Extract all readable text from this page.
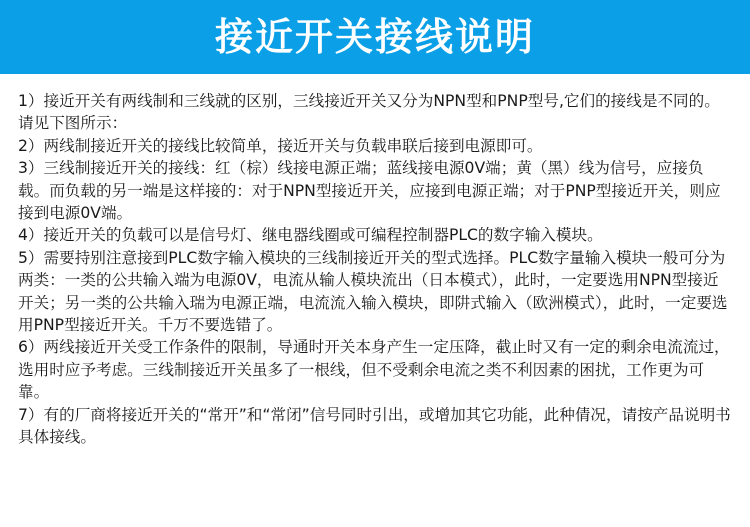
接近开关接线说明

1）接近开关有两线制和三线就的区别，三线接近开关又分为NPN型和PNP型号,它们的接线是不同的。请见下图所示：

2）两线制接近开关的接线比较简单，接近开关与负载串联后接到电源即可。

3）三线制接近开关的接线：红（棕）线接电源正端；蓝线接电源0V端；黄（黑）线为信号，应接负载。而负载的另一端是这样接的：对于NPN型接近开关，应接到电源正端；对于PNP型接近开关，则应接到电源0V端。

4）接近开关的负载可以是信号灯、继电器线圈或可编程控制器PLC的数字输入模块。

5）需要持别注意接到PLC数字输入模块的三线制接近开关的型式选择。PLC数字量输入模块一般可分为两类：一类的公共输入端为电源0V，电流从输人模块流出（日本模式），此时，一定要选用NPN型接近开关；另一类的公共输入瑞为电源正端，电流流入输入模块，即阱式输入（欧洲模式），此时，一定要选用PNP型接近开关。千万不要选错了。

6）两线接近开关受工作条件的限制，导通时开关本身产生一定压降，截止时又有一定的剩余电流流过，选用时应予考虑。三线制接近开关虽多了一根线，但不受剩余电流之类不利因素的困扰，工作更为可靠。

7）有的厂商将接近开关的“常开”和“常闭”信号同时引出，或增加其它功能，此种倩况，请按产品说明书具体接线。
